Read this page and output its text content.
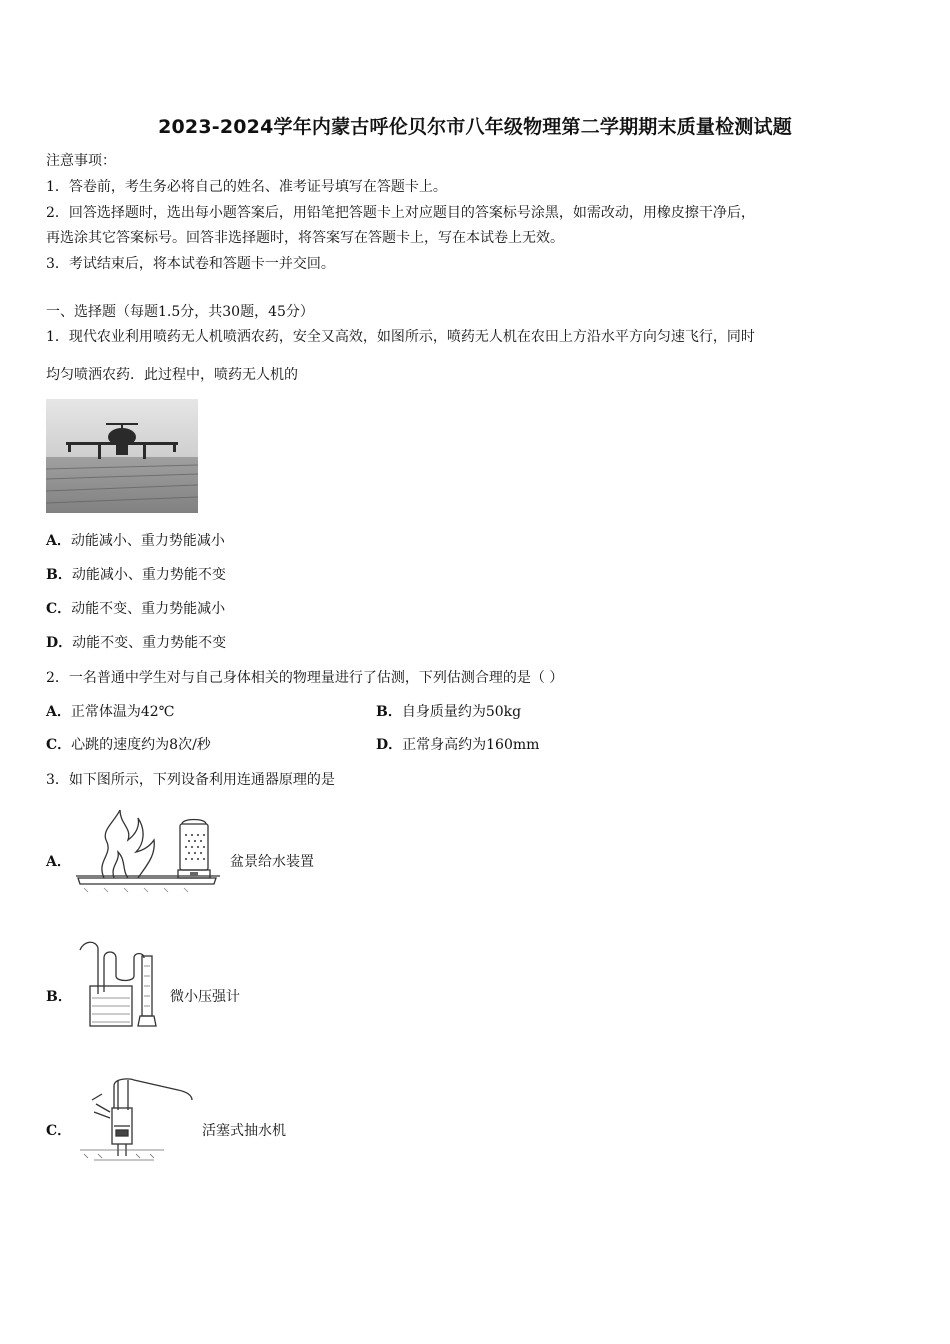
2023-2024学年内蒙古呼伦贝尔市八年级物理第二学期期末质量检测试题
注意事项：
1．答卷前，考生务必将自己的姓名、准考证号填写在答题卡上。
2．回答选择题时，选出每小题答案后，用铅笔把答题卡上对应题目的答案标号涂黑，如需改动，用橡皮擦干净后，
再选涂其它答案标号。回答非选择题时，将答案写在答题卡上，写在本试卷上无效。
3．考试结束后，将本试卷和答题卡一并交回。
一、选择题（每题1.5分，共30题，45分）
1．现代农业利用喷药无人机喷洒农药，安全又高效，如图所示，喷药无人机在农田上方沿水平方向匀速飞行，同时
均匀喷洒农药．此过程中，喷药无人机的
A．动能减小、重力势能减小
B．动能减小、重力势能不变
C．动能不变、重力势能减小
D．动能不变、重力势能不变
2．一名普通中学生对与自己身体相关的物理量进行了估测，下列估测合理的是（ ）
A．正常体温为42℃	B．自身质量约为50kg
C．心跳的速度约为8次/秒	D．正常身高约为160mm
3．如下图所示，下列设备利用连通器原理的是
A．	盆景给水装置
B．	微小压强计
C．	活塞式抽水机
